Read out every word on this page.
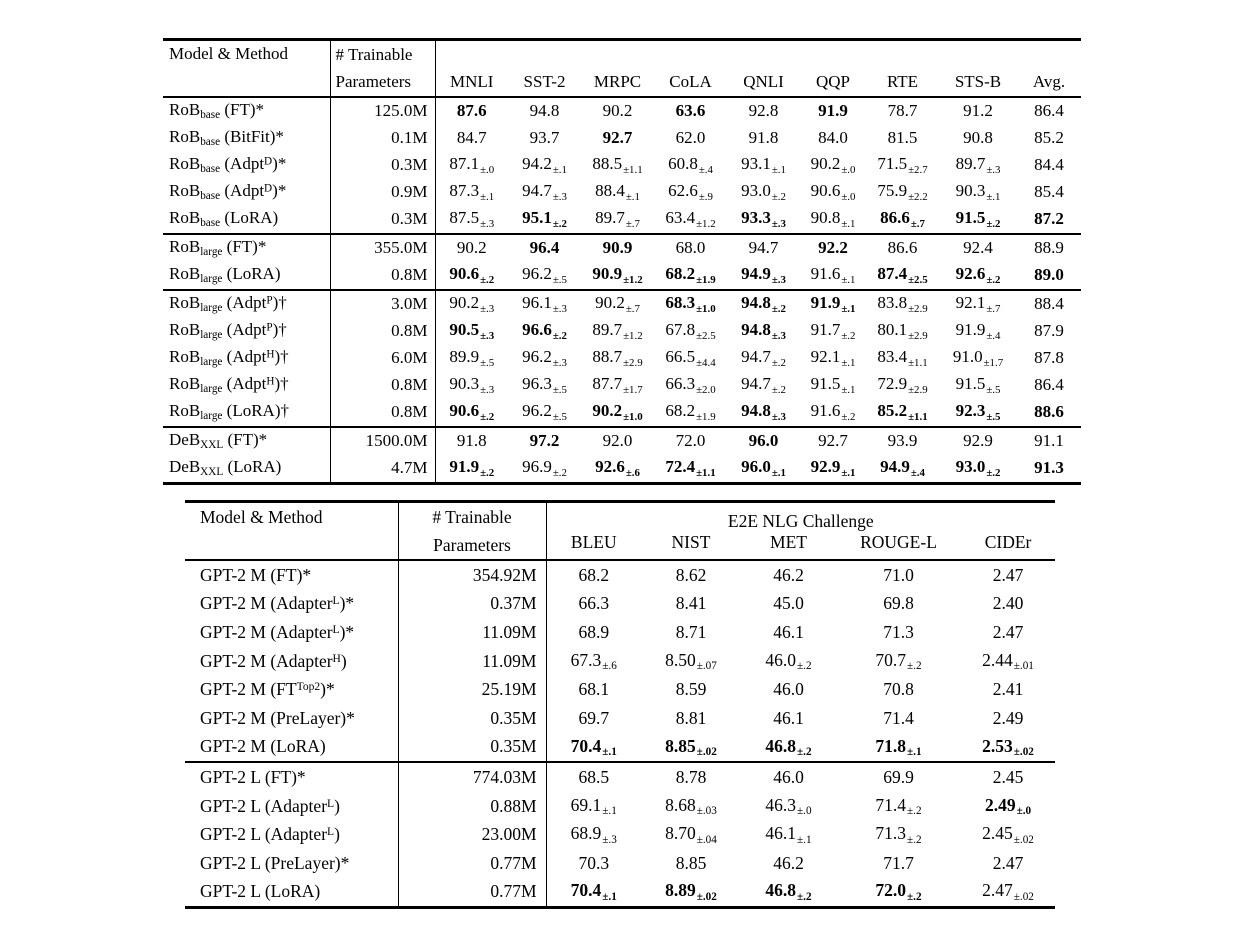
Model & Method	# Trainable
Parameters	MNLI	SST-2	MRPC	CoLA	QNLI	QQP	RTE	STS-B	Avg.
RoBbase (FT)*	125.0M	87.6	94.8	90.2	63.6	92.8	91.9	78.7	91.2	86.4
RoBbase (BitFit)*	0.1M	84.7	93.7	92.7	62.0	91.8	84.0	81.5	90.8	85.2
RoBbase (Adpt$^D$)*	0.3M	$87.1_{\pm.0}$	$94.2_{\pm.1}$	$88.5_{\pm 1.1}$	$60.8_{\pm.4}$	$93.1_{\pm.1}$	$90.2_{\pm.0}$	$71.5_{\pm 2.7}$	$89.7_{\pm.3}$	84.4
RoBbase (Adpt$^D$)*	0.9M	$87.3_{\pm.1}$	$94.7_{\pm.3}$	$88.4_{\pm.1}$	$62.6_{\pm.9}$	$93.0_{\pm.2}$	$90.6_{\pm.0}$	$75.9_{\pm 2.2}$	$90.3_{\pm.1}$	85.4
RoBbase (LoRA)	0.3M	$87.5_{\pm.3}$	$95.1_{\pm.2}$	$89.7_{\pm.7}$	$63.4_{\pm 1.2}$	$93.3_{\pm.3}$	$90.8_{\pm.1}$	$86.6_{\pm.7}$	$91.5_{\pm.2}$	87.2
RoBlarge (FT)*	355.0M	90.2	96.4	90.9	68.0	94.7	92.2	86.6	92.4	88.9
RoBlarge (LoRA)	0.8M	$90.6_{\pm.2}$	$96.2_{\pm.5}$	$90.9_{\pm 1.2}$	$68.2_{\pm 1.9}$	$94.9_{\pm.3}$	$91.6_{\pm.1}$	$87.4_{\pm 2.5}$	$92.6_{\pm.2}$	89.0
RoBlarge (Adpt$^P$)†	3.0M	$90.2_{\pm.3}$	$96.1_{\pm.3}$	$90.2_{\pm.7}$	$68.3_{\pm 1.0}$	$94.8_{\pm.2}$	$91.9_{\pm.1}$	$83.8_{\pm 2.9}$	$92.1_{\pm.7}$	88.4
RoBlarge (Adpt$^P$)†	0.8M	$90.5_{\pm.3}$	$96.6_{\pm.2}$	$89.7_{\pm 1.2}$	$67.8_{\pm 2.5}$	$94.8_{\pm.3}$	$91.7_{\pm.2}$	$80.1_{\pm 2.9}$	$91.9_{\pm.4}$	87.9
RoBlarge (Adpt$^H$)†	6.0M	$89.9_{\pm.5}$	$96.2_{\pm.3}$	$88.7_{\pm 2.9}$	$66.5_{\pm 4.4}$	$94.7_{\pm.2}$	$92.1_{\pm.1}$	$83.4_{\pm 1.1}$	$91.0_{\pm 1.7}$	87.8
RoBlarge (Adpt$^H$)†	0.8M	$90.3_{\pm.3}$	$96.3_{\pm.5}$	$87.7_{\pm 1.7}$	$66.3_{\pm 2.0}$	$94.7_{\pm.2}$	$91.5_{\pm.1}$	$72.9_{\pm 2.9}$	$91.5_{\pm.5}$	86.4
RoBlarge (LoRA)†	0.8M	$90.6_{\pm.2}$	$96.2_{\pm.5}$	$90.2_{\pm 1.0}$	$68.2_{\pm 1.9}$	$94.8_{\pm.3}$	$91.6_{\pm.2}$	$85.2_{\pm 1.1}$	$92.3_{\pm.5}$	88.6
DeBXXL (FT)*	1500.0M	91.8	97.2	92.0	72.0	96.0	92.7	93.9	92.9	91.1
DeBXXL (LoRA)	4.7M	$91.9_{\pm.2}$	$96.9_{\pm.2}$	$92.6_{\pm.6}$	$72.4_{\pm 1.1}$	$96.0_{\pm.1}$	$92.9_{\pm.1}$	$94.9_{\pm.4}$	$93.0_{\pm.2}$	91.3
Model & Method	# Trainable
Parameters	E2E NLG Challenge				
		BLEU	NIST	MET	ROUGE-L	CIDEr
GPT-2 M (FT)*	354.92M	68.2	8.62	46.2	71.0	2.47
GPT-2 M (Adapter$^L$)*	0.37M	66.3	8.41	45.0	69.8	2.40
GPT-2 M (Adapter$^L$)*	11.09M	68.9	8.71	46.1	71.3	2.47
GPT-2 M (Adapter$^H$)	11.09M	$67.3_{\pm.6}$	$8.50_{\pm.07}$	$46.0_{\pm.2}$	$70.7_{\pm.2}$	$2.44_{\pm.01}$
GPT-2 M $(FT^{Top2})*$	25.19M	68.1	8.59	46.0	70.8	2.41
GPT-2 M (PreLayer)*	0.35M	69.7	8.81	46.1	71.4	2.49
GPT-2 M (LoRA)	0.35M	$70.4_{\pm.1}$	$8.85_{\pm.02}$	$46.8_{\pm.2}$	$71.8_{\pm.1}$	$2.53_{\pm.02}$
GPT-2 L (FT)*	774.03M	68.5	8.78	46.0	69.9	2.45
GPT-2 L (Adapter$^L$)	0.88M	$69.1_{\pm.1}$	$8.68_{\pm.03}$	$46.3_{\pm.0}$	$71.4_{\pm.2}$	$2.49_{\pm.0}$
GPT-2 L (Adapter$^L$)	23.00M	$68.9_{\pm.3}$	$8.70_{\pm.04}$	$46.1_{\pm.1}$	$71.3_{\pm.2}$	$2.45_{\pm.02}$
GPT-2 L (PreLayer)*	0.77M	70.3	8.85	46.2	71.7	2.47
GPT-2 L (LoRA)	0.77M	$70.4_{\pm.1}$	$8.89_{\pm.02}$	$46.8_{\pm.2}$	$72.0_{\pm.2}$	$2.47_{\pm.02}$
